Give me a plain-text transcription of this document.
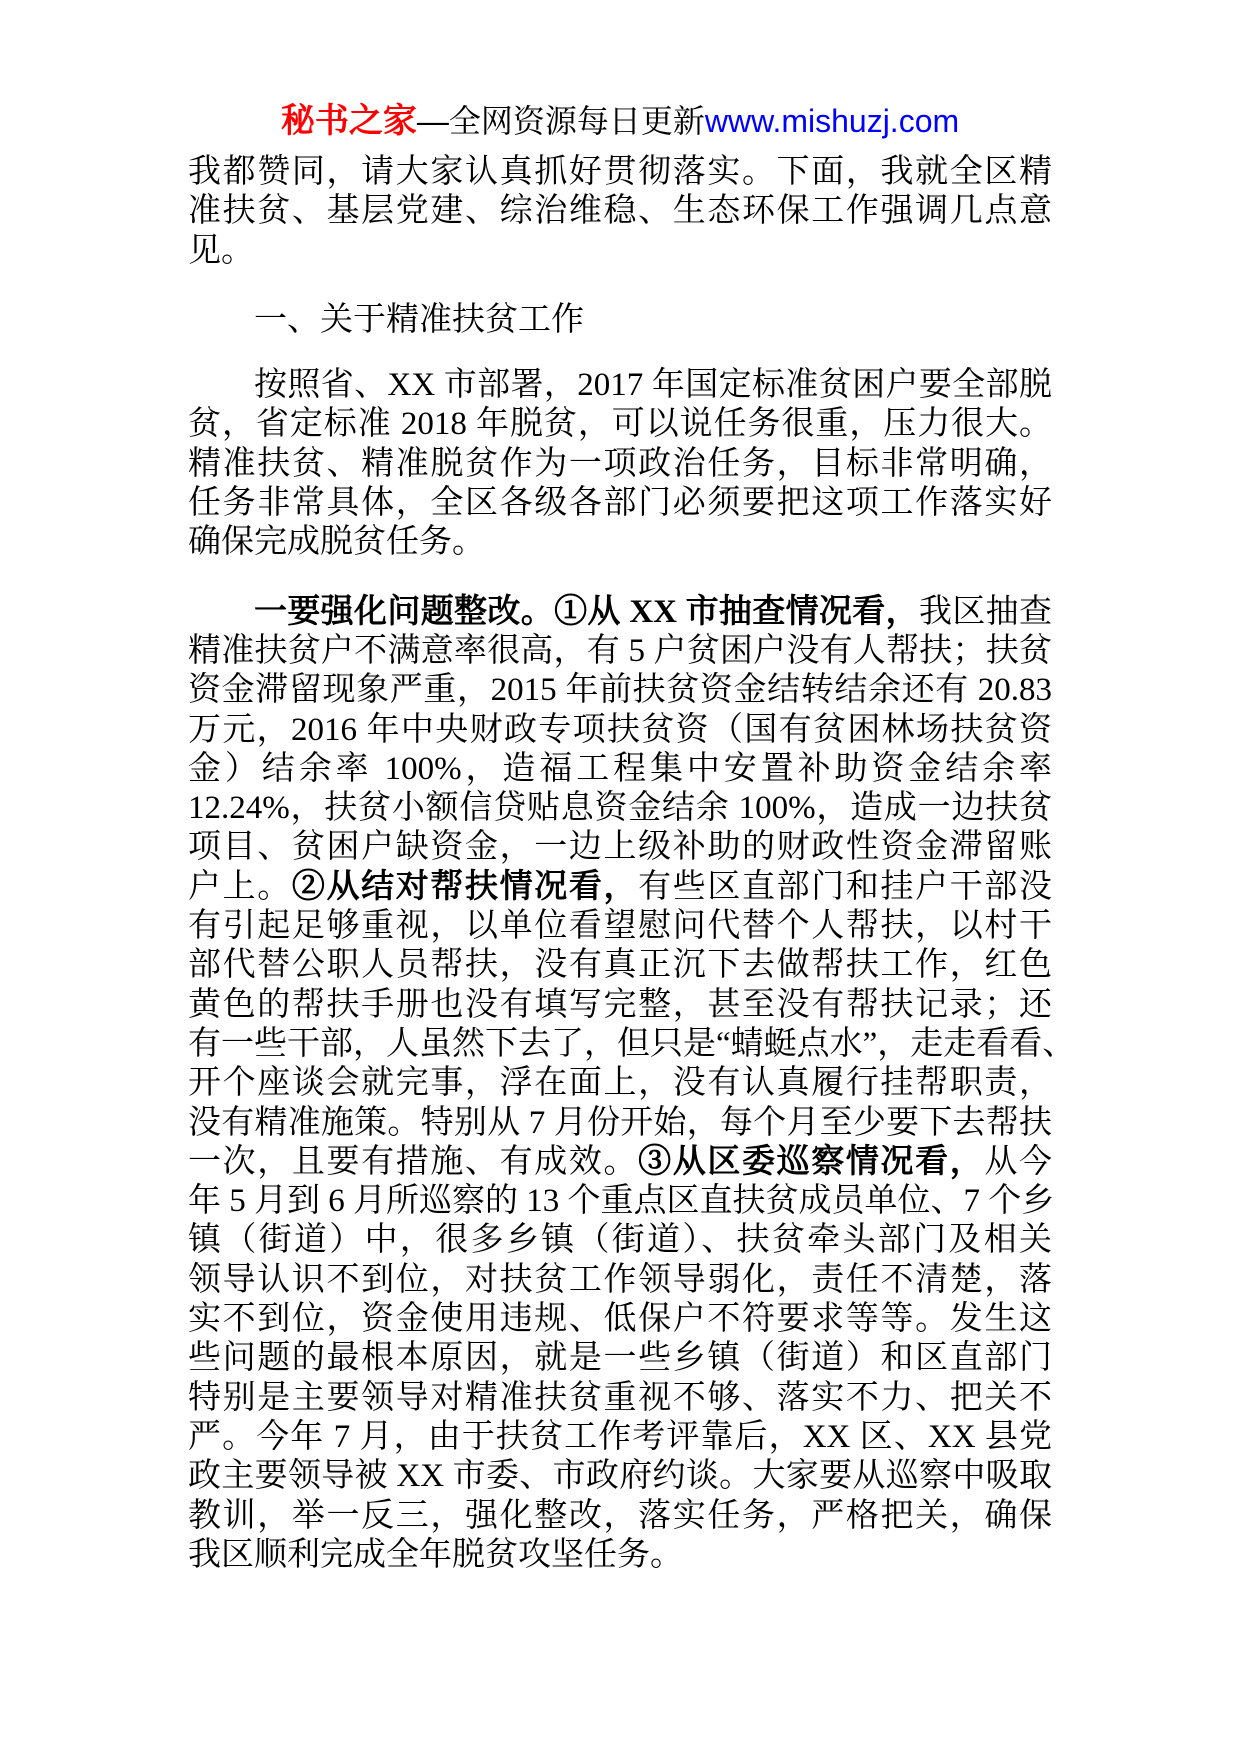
秘书之家—全网资源每日更新www.mishuzj.com
我都赞同，请大家认真抓好贯彻落实。下面，我就全区精
准扶贫、基层党建、综治维稳、生态环保工作强调几点意
见。
一、关于精准扶贫工作
按照省、XX 市部署，2017 年国定标准贫困户要全部脱
贫，省定标准 2018 年脱贫，可以说任务很重，压力很大。
精准扶贫、精准脱贫作为一项政治任务，目标非常明确，
任务非常具体，全区各级各部门必须要把这项工作落实好
确保完成脱贫任务。
一要强化问题整改。①从 XX 市抽查情况看，我区抽查
精准扶贫户不满意率很高，有 5 户贫困户没有人帮扶；扶贫
资金滞留现象严重，2015 年前扶贫资金结转结余还有 20.83
万元，2016 年中央财政专项扶贫资（国有贫困林场扶贫资
金）结余率 100%，造福工程集中安置补助资金结余率
12.24%，扶贫小额信贷贴息资金结余 100%，造成一边扶贫
项目、贫困户缺资金，一边上级补助的财政性资金滞留账
户上。②从结对帮扶情况看，有些区直部门和挂户干部没
有引起足够重视，以单位看望慰问代替个人帮扶，以村干
部代替公职人员帮扶，没有真正沉下去做帮扶工作，红色
黄色的帮扶手册也没有填写完整，甚至没有帮扶记录；还
有一些干部，人虽然下去了，但只是“蜻蜓点水”，走走看看、
开个座谈会就完事，浮在面上，没有认真履行挂帮职责，
没有精准施策。特别从 7 月份开始，每个月至少要下去帮扶
一次，且要有措施、有成效。③从区委巡察情况看，从今
年 5 月到 6 月所巡察的 13 个重点区直扶贫成员单位、7 个乡
镇（街道）中，很多乡镇（街道）、扶贫牵头部门及相关
领导认识不到位，对扶贫工作领导弱化，责任不清楚，落
实不到位，资金使用违规、低保户不符要求等等。发生这
些问题的最根本原因，就是一些乡镇（街道）和区直部门
特别是主要领导对精准扶贫重视不够、落实不力、把关不
严。今年 7 月，由于扶贫工作考评靠后，XX 区、XX 县党
政主要领导被 XX 市委、市政府约谈。大家要从巡察中吸取
教训，举一反三，强化整改，落实任务，严格把关，确保
我区顺利完成全年脱贫攻坚任务。
